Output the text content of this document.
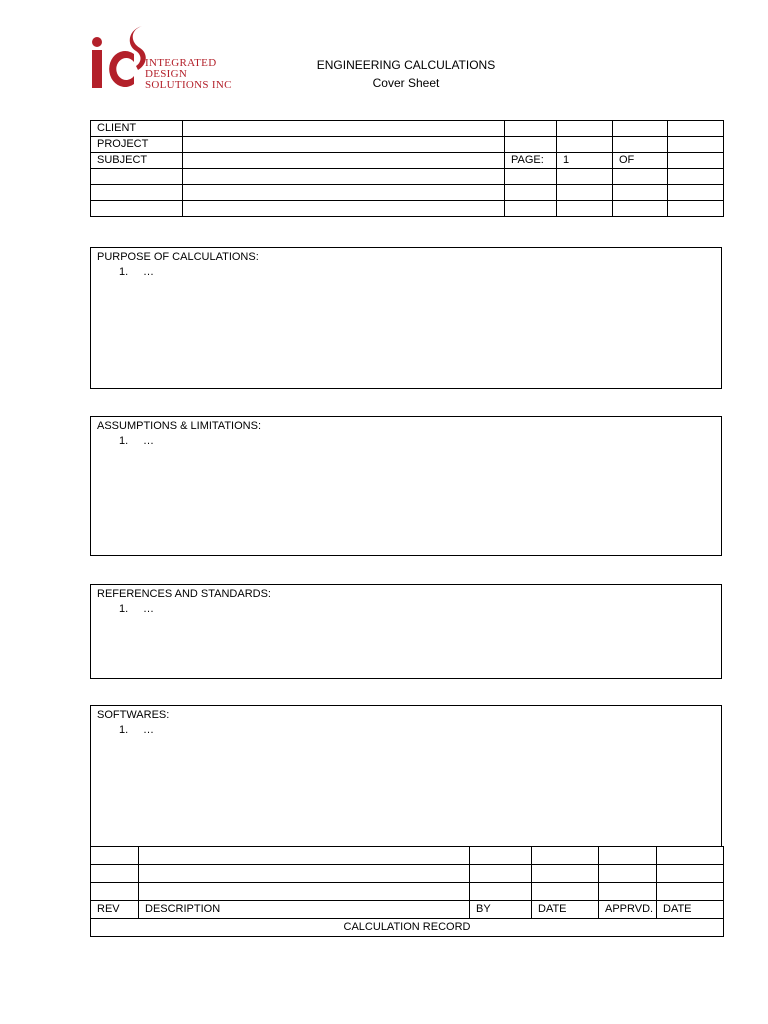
INTEGRATED
DESIGN
SOLUTIONS INC
ENGINEERING CALCULATIONS
Cover Sheet
CLIENT					
PROJECT					
SUBJECT		PAGE:	1	OF	

PURPOSE OF CALCULATIONS:
1. …
ASSUMPTIONS & LIMITATIONS:
1. …
REFERENCES AND STANDARDS:
1. …
SOFTWARES:
1. …

REV	DESCRIPTION	BY	DATE	APPRVD.	DATE
CALCULATION RECORD					
